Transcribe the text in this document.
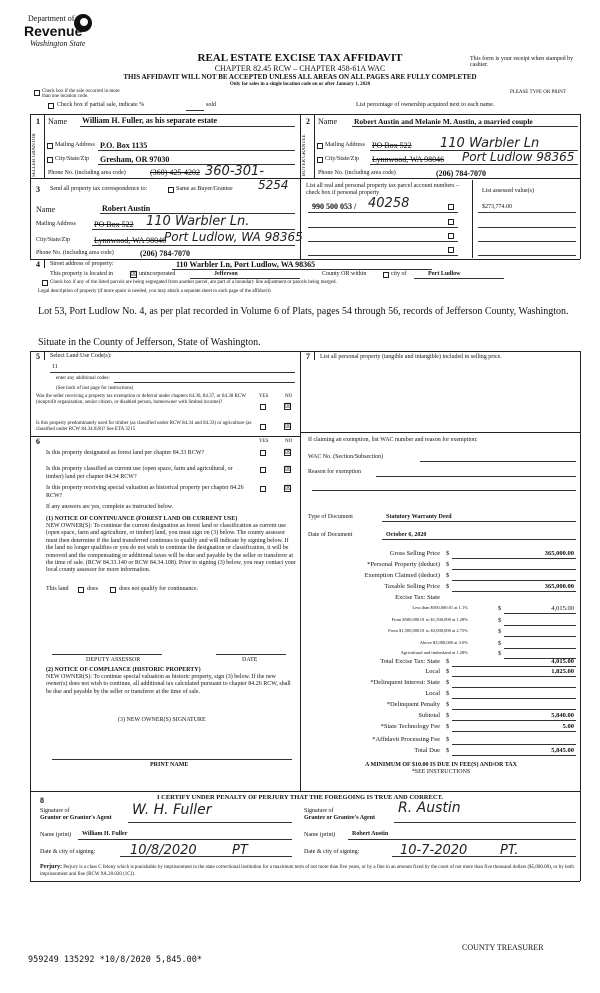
Department of
Revenue
Washington State
REAL ESTATE EXCISE TAX AFFIDAVIT
CHAPTER 82.45 RCW – CHAPTER 458-61A WAC
THIS AFFIDAVIT WILL NOT BE ACCEPTED UNLESS ALL AREAS ON ALL PAGES ARE FULLY COMPLETED
Only for sales in a single location code on or after January 1, 2020
This form is your receipt when stamped by cashier.
PLEASE TYPE OR PRINT
Check box if the sale occurred in more than one location code.
Check box if partial sale, indicate %	sold	List percentage of ownership acquired next to each name.
1 Name William H. Fuller, as his separate estate
SELLER GRANTOR	Mailing Address P.O. Box 1135
City/State/Zip Gresham, OR 97030
Phone No. (including area code)	(360) 425-4202 360-301-
2 Name Robert Austin and Melanie M. Austin, a married couple
BUYER GRANTEE	Mailing Address PO Box 522 110 Warbler Ln
City/State/Zip Lynnwood, WA 98046 Port Ludlow 98365
Phone No. (including area code)	(206) 784-7070
3 Send all property tax correspondence to:	Same as Buyer/Grantee 5254
Name	Robert Austin
Mailing Address PO Box 522 110 Warbler Ln.
City/State/Zip	Lynnwood, WA 98046
Port Ludlow, WA 98365
Phone No. (including area code)	(206) 784-7070
List all real and personal property tax parcel account numbers – check box if personal property	List assessed value(s)
990 500 053 / 40258	$273,774.00
4 Street address of property:	110 Warbler Ln, Port Ludlow, WA 98365
This property is located in	☒ unincorporated	Jefferson	County OR within	city of	Port Ludlow
Check box if any of the listed parcels are being segregated from another parcel, are part of a boundary line adjustment or parcels being merged.
Legal description of property (if more space is needed, you may attach a separate sheet to each page of the affidavit)
Lot 53, Port Ludlow No. 4, as per plat recorded in Volume 6 of Plats, pages 54 through 56, records of Jefferson County, Washington.
Situate in the County of Jefferson, State of Washington.
5 Select Land Use Code(s):
11
enter any additional codes:
(See back of last page for instructions)
YES	NO
Was the seller receiving a property tax exemption or deferral under chapters 84.36, 84.37, or 84.38 RCW (nonprofit organization, senior citizen, or disabled person, homeowner with limited income)?	☒
Is this property predominantly used for timber (as classified under RCW 84.34 and 84.33) or agriculture (as classified under RCW 84.34.020)? See ETA 3215	☒
7 List all personal property (tangible and intangible) included in selling price.
6	YES	NO
Is this property designated as forest land per chapter 84.33 RCW?	☒
Is this property classified as current use (open space, farm and agricultural, or timber) land per chapter 84.34 RCW?
☒
Is this property receiving special valuation as historical property per chapter 84.26 RCW?
☒
If any answers are yes, complete as instructed below.
(1) NOTICE OF CONTINUANCE (FOREST LAND OR CURRENT USE)
NEW OWNER(S): To continue the current designation as forest land or classification as current use (open space, farm and agriculture, or timber) land, you must sign on (3) below. The county assessor must then determine if the land transferred continues to qualify and will indicate by signing below. If the land no longer qualifies or you do not wish to continue the designation or classification, it will be removed and the compensating or additional taxes will be due and payable by the seller or transferor at the time of sale. (RCW 84.33.140 or RCW 84.34.108). Prior to signing (3) below, you may contact your local county assessor for more information.
This land	does	does not qualify for continuance.
DEPUTY ASSESSOR	DATE
(2) NOTICE OF COMPLIANCE (HISTORIC PROPERTY)
NEW OWNER(S): To continue special valuation as historic property, sign (3) below. If the new owner(s) does not wish to continue, all additional tax calculated pursuant to chapter 84.26 RCW, shall be due and payable by the seller or transferor at the time of sale.
(3) NEW OWNER(S) SIGNATURE
PRINT NAME
If claiming an exemption, list WAC number and reason for exemption:
WAC No. (Section/Subsection)
Reason for exemption
Type of Document	Statutory Warranty Deed
Date of Document	October 6, 2020
Gross Selling Price $	365,000.00
*Personal Property (deduct) $
Exemption Claimed (deduct) $
Taxable Selling Price $	365,000.00
Excise Tax: State
Less than $500,000.01 at 1.1%	$	4,015.00
From $500,000.01 to $1,500,000 at 1.28%	$
From $1,500,000.01 to $3,000,000 at 2.75%	$
Above $3,000,000 at 3.0%	$
Agricultural and timberland at 1.28%	$
Total Excise Tax: State $	4,015.00
Local $	1,825.00
*Delinquent Interest: State $
Local $
*Delinquent Penalty $
Subtotal $	5,840.00
*State Technology Fee $	5.00
*Affidavit Processing Fee $
Total Due $	5,845.00
A MINIMUM OF $10.00 IS DUE IN FEE(S) AND/OR TAX
*SEE INSTRUCTIONS
8	I CERTIFY UNDER PENALTY OF PERJURY THAT THE FOREGOING IS TRUE AND CORRECT.
Signature of
Grantor or Grantor's Agent W. H. Fuller	Signature of
Grantee or Grantee's Agent
R. Austin
Name (print) William H. Fuller	Name (print)	Robert Austin
Date & city of signing:	10/8/2020	PT	Date & city of signing:	10-7-2020	PT.
Perjury: Perjury is a class C felony which is punishable by imprisonment in the state correctional institution for a maximum term of not more than five years, or by a fine in an amount fixed by the court of not more than five thousand dollars ($5,000.00), or by both imprisonment and fine (RCW 9A.20.020 (1C)).
959249 135292 *10/8/2020 5,845.00*
COUNTY TREASURER
